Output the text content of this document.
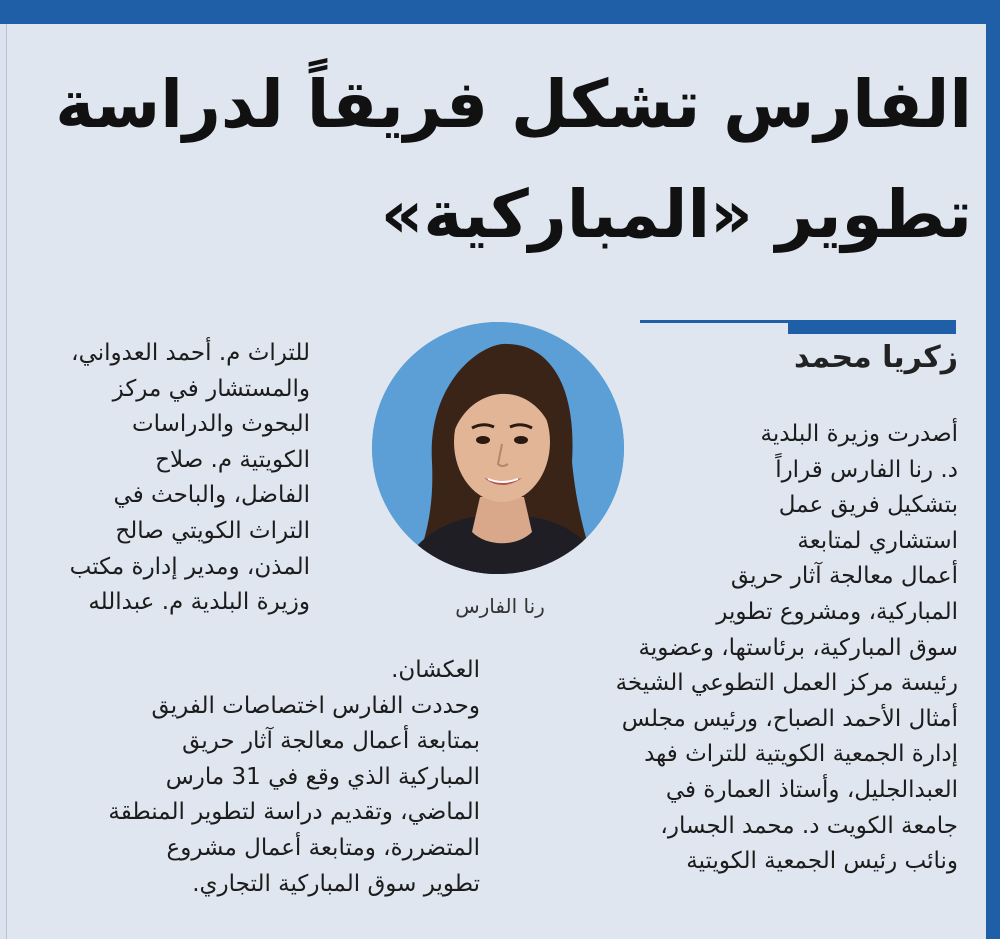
الفارس تشكل فريقاً لدراسة
تطوير «المباركية»
زكريا محمد
رنا الفارس
أصدرت وزيرة البلدية
د. رنا الفارس قراراً
بتشكيل فريق عمل
استشاري لمتابعة
أعمال معالجة آثار حريق
المباركية، ومشروع تطوير
سوق المباركية، برئاستها، وعضوية
رئيسة مركز العمل التطوعي الشيخة
أمثال الأحمد الصباح، ورئيس مجلس
إدارة الجمعية الكويتية للتراث فهد
العبدالجليل، وأستاذ العمارة في
جامعة الكويت د. محمد الجسار،
ونائب رئيس الجمعية الكويتية
للتراث م. أحمد العدواني،
والمستشار في مركز
البحوث والدراسات
الكويتية م. صلاح
الفاضل، والباحث في
التراث الكويتي صالح
المذن، ومدير إدارة مكتب
وزيرة البلدية م. عبدالله
العكشان.
وحددت الفارس اختصاصات الفريق
بمتابعة أعمال معالجة آثار حريق
المباركية الذي وقع في 31 مارس
الماضي، وتقديم دراسة لتطوير المنطقة
المتضررة، ومتابعة أعمال مشروع
تطوير سوق المباركية التجاري.
